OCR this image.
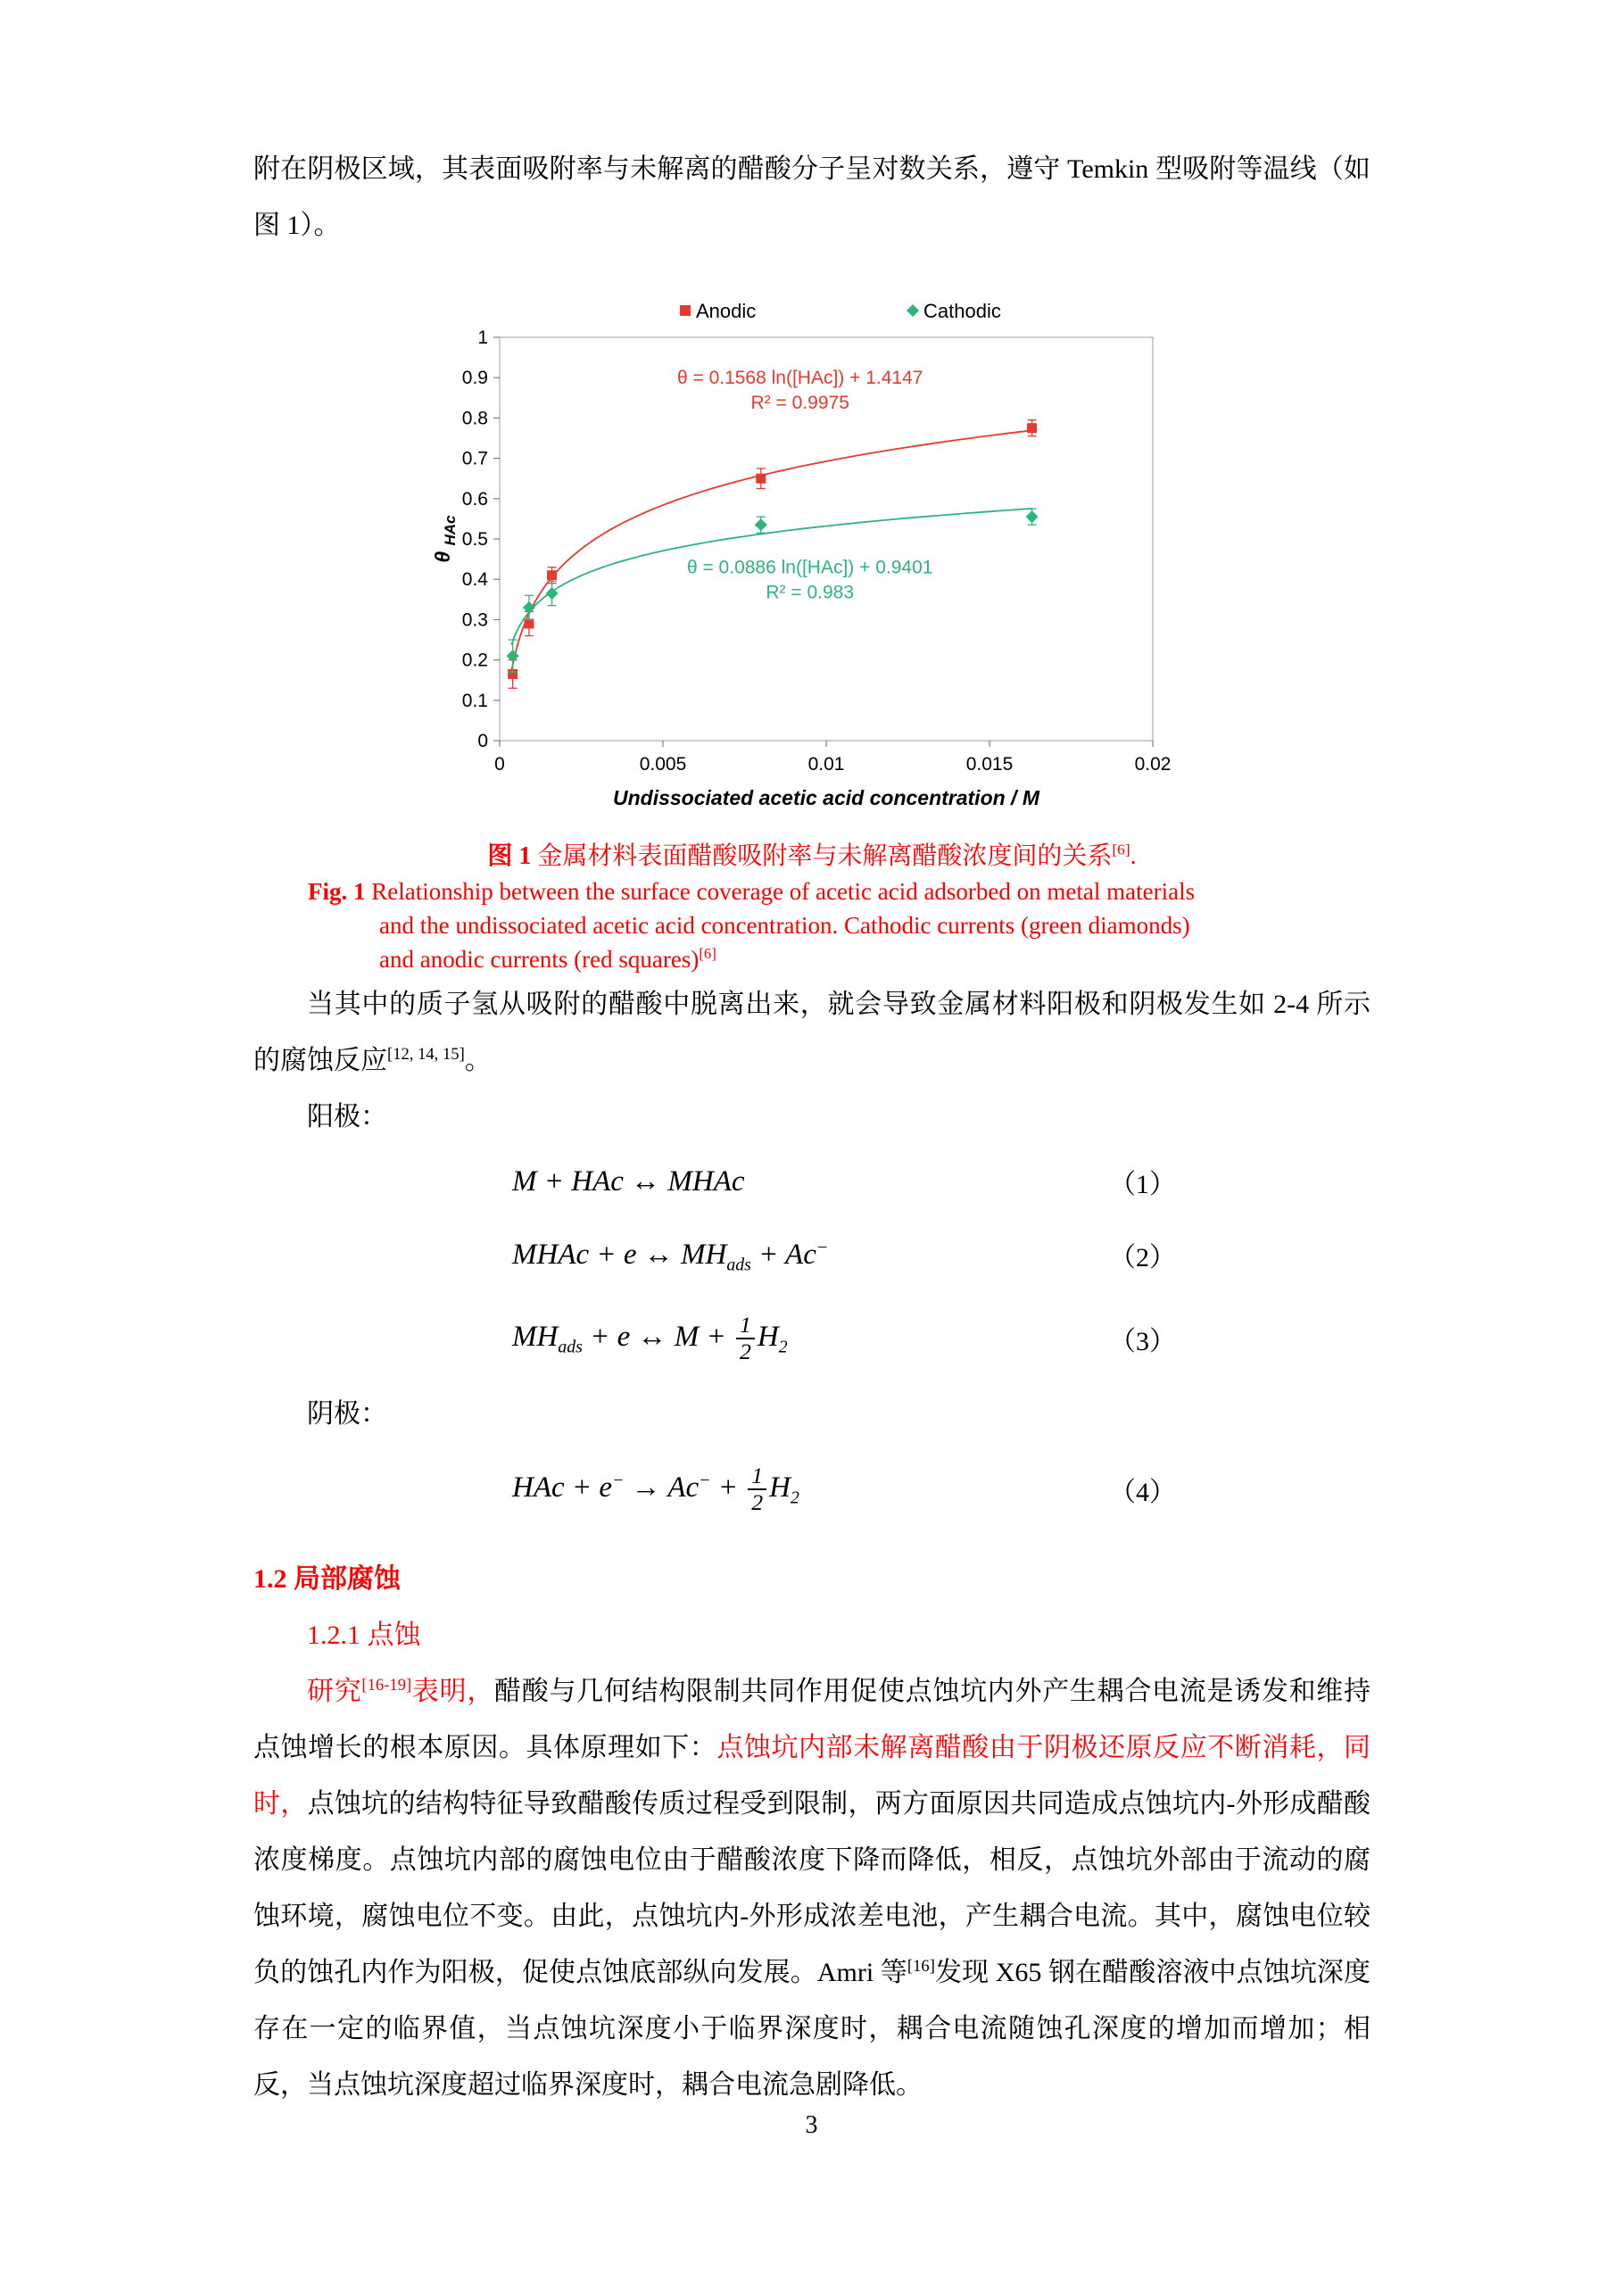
附在阴极区域，其表面吸附率与未解离的醋酸分子呈对数关系，遵守 Temkin 型吸附等温线（如图 1）。

0
0.1
0.2
0.3
0.4
0.5
0.6
0.7
0.8
0.9
1
0	0.005	0.01	0.015	0.02
θ = 0.1568 ln([HAc]) + 1.4147
R² = 0.9975
θ = 0.0886 ln([HAc]) + 0.9401
R² = 0.983
Anodic	Cathodic
Undissociated acetic acid concentration / M
θ $_{HAc}$
图 1 金属材料表面醋酸吸附率与未解离醋酸浓度间的关系[6].
Fig. 1 Relationship between the surface coverage of acetic acid adsorbed on metal materials
and the undissociated acetic acid concentration. Cathodic currents (green diamonds)
and anodic currents (red squares)[6]

当其中的质子氢从吸附的醋酸中脱离出来，就会导致金属材料阳极和阴极发生如 2-4 所示的腐蚀反应[12, 14, 15]。

阳极：

M + HAc ↔ MHAc	（1）
MHAc + e ↔ $MH_{ads} + Ac^-$	（2）
$MH_{ads} + e$ ↔ $M + \frac{1}{2} H_2$	（3）

阴极：

HAc + $e^- \to Ac^- + \frac{1}{2} H_2$	（4）
1.2 局部腐蚀
1.2.1 点蚀

研究[16-19]表明，醋酸与几何结构限制共同作用促使点蚀坑内外产生耦合电流是诱发和维持点蚀增长的根本原因。具体原理如下：点蚀坑内部未解离醋酸由于阴极还原反应不断消耗，同时，点蚀坑的结构特征导致醋酸传质过程受到限制，两方面原因共同造成点蚀坑内-外形成醋酸浓度梯度。点蚀坑内部的腐蚀电位由于醋酸浓度下降而降低，相反，点蚀坑外部由于流动的腐蚀环境，腐蚀电位不变。由此，点蚀坑内-外形成浓差电池，产生耦合电流。其中，腐蚀电位较负的蚀孔内作为阳极，促使点蚀底部纵向发展。Amri 等[16]发现 X65 钢在醋酸溶液中点蚀坑深度存在一定的临界值，当点蚀坑深度小于临界深度时，耦合电流随蚀孔深度的增加而增加；相反，当点蚀坑深度超过临界深度时，耦合电流急剧降低。

3
